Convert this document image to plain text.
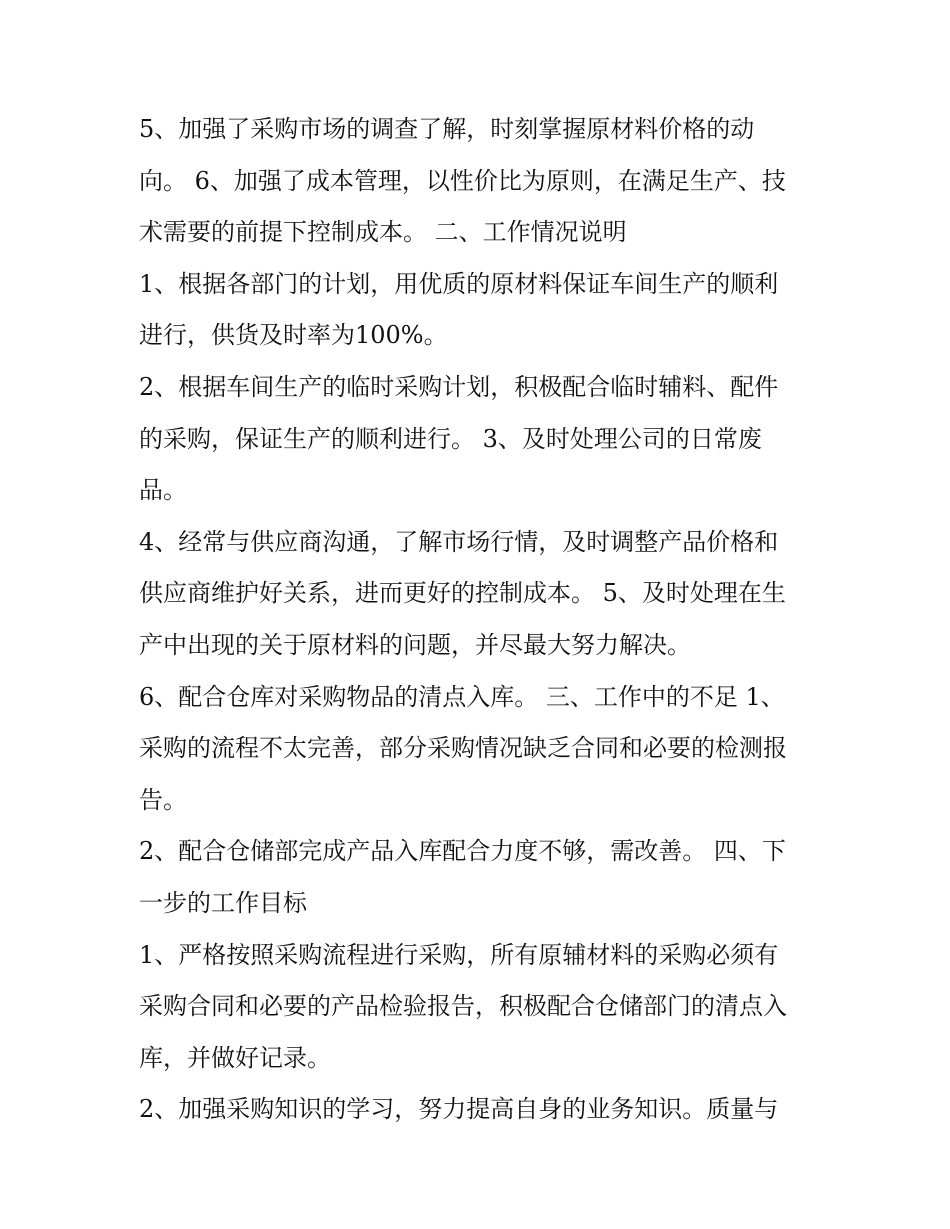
5、加强了采购市场的调查了解，时刻掌握原材料价格的动
向。 6、加强了成本管理，以性价比为原则，在满足生产、技
术需要的前提下控制成本。 二、工作情况说明

1、根据各部门的计划，用优质的原材料保证车间生产的顺利
进行，供货及时率为100%。

2、根据车间生产的临时采购计划，积极配合临时辅料、配件
的采购，保证生产的顺利进行。 3、及时处理公司的日常废
品。

4、经常与供应商沟通，了解市场行情，及时调整产品价格和
供应商维护好关系，进而更好的控制成本。 5、及时处理在生
产中出现的关于原材料的问题，并尽最大努力解决。

6、配合仓库对采购物品的清点入库。 三、工作中的不足 1、
采购的流程不太完善，部分采购情况缺乏合同和必要的检测报
告。

2、配合仓储部完成产品入库配合力度不够，需改善。 四、下
一步的工作目标

1、严格按照采购流程进行采购，所有原辅材料的采购必须有
采购合同和必要的产品检验报告，积极配合仓储部门的清点入
库，并做好记录。

2、加强采购知识的学习，努力提高自身的业务知识。质量与
